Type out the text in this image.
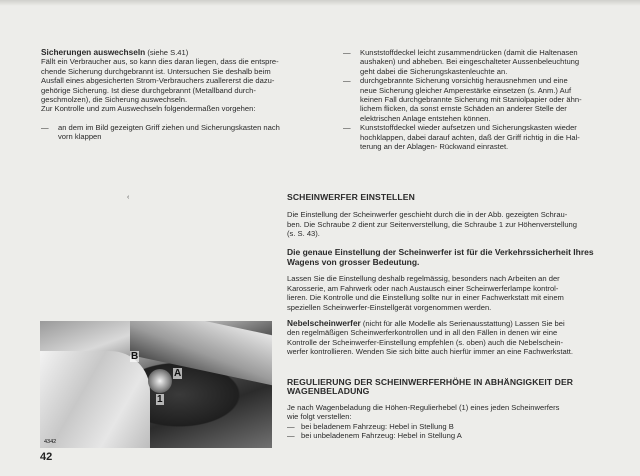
Sicherungen auswechseln (siehe S.41)

Fällt ein Verbraucher aus, so kann dies daran liegen, dass die entspre-

chende Sicherung durchgebrannt ist. Untersuchen Sie deshalb beim

Ausfall eines abgesicherten Strom-Verbrauchers zuallererst die dazu-

gehörige Sicherung. Ist diese durchgebrannt (Metallband durch-

geschmolzen), die Sicherung auswechseln.

Zur Kontrolle und zum Auswechseln folgendermaßen vorgehen:

—	an dem im Bild gezeigten Griff ziehen und Sicherungskasten nach

vorn klappen

—	Kunststoffdeckel leicht zusammendrücken (damit die Haltenasen

aushaken) und abheben. Bei eingeschalteter Aussenbeleuchtung

geht dabei die Sicherungskastenleuchte an.

—	durchgebrannte Sicherung vorsichtig herausnehmen und eine

neue Sicherung gleicher Amperestärke einsetzen (s. Anm.) Auf

keinen Fall durchgebrannte Sicherung mit Staniolpapier oder ähn-

lichem flicken, da sonst ernste Schäden an anderer Stelle der

elektrischen Anlage entstehen können.

—	Kunststoffdeckel wieder aufsetzen und Sicherungskasten wieder

hochklappen, dabei darauf achten, daß der Griff richtig in die Hal-

terung an der Ablagen- Rückwand einrastet.

‹	SCHEINWERFER EINSTELLEN

Die Einstellung der Scheinwerfer geschieht durch die in der Abb. gezeigten Schrau-

ben. Die Schraube 2 dient zur Seitenverstellung, die Schraube 1 zur Höhenverstellung

(s. S. 43).

Die genaue Einstellung der Scheinwerfer ist für die Verkehrssicherheit Ihres

Wagens von grosser Bedeutung.

Lassen Sie die Einstellung deshalb regelmässig, besonders nach Arbeiten an der

Karosserie, am Fahrwerk oder nach Austausch einer Scheinwerferlampe kontrol-

lieren. Die Kontrolle und die Einstellung sollte nur in einer Fachwerkstatt mit einem

speziellen Scheinwerfer-Einstellgerät vorgenommen werden.

Nebelscheinwerfer (nicht für alle Modelle als Serienausstattung) Lassen Sie bei

den regelmäßigen Scheinwerferkontrollen und in all den Fällen in denen wir eine

Kontrolle der Scheinwerfer-Einstellung empfehlen (s. oben) auch die Nebelschein-

werfer kontrollieren. Wenden Sie sich bitte auch hierfür immer an eine Fachwerkstatt.

REGULIERUNG DER SCHEINWERFERHÖHE IN ABHÄNGIGKEIT DER

WAGENBELADUNG

Je nach Wagenbeladung die Höhen-Regulierhebel (1) eines jeden Scheinwerfers

wie folgt verstellen:

— bei beladenem Fahrzeug: Hebel in Stellung B
— bei unbeladenem Fahrzeug: Hebel in Stellung A
B
A
1
4342
42
